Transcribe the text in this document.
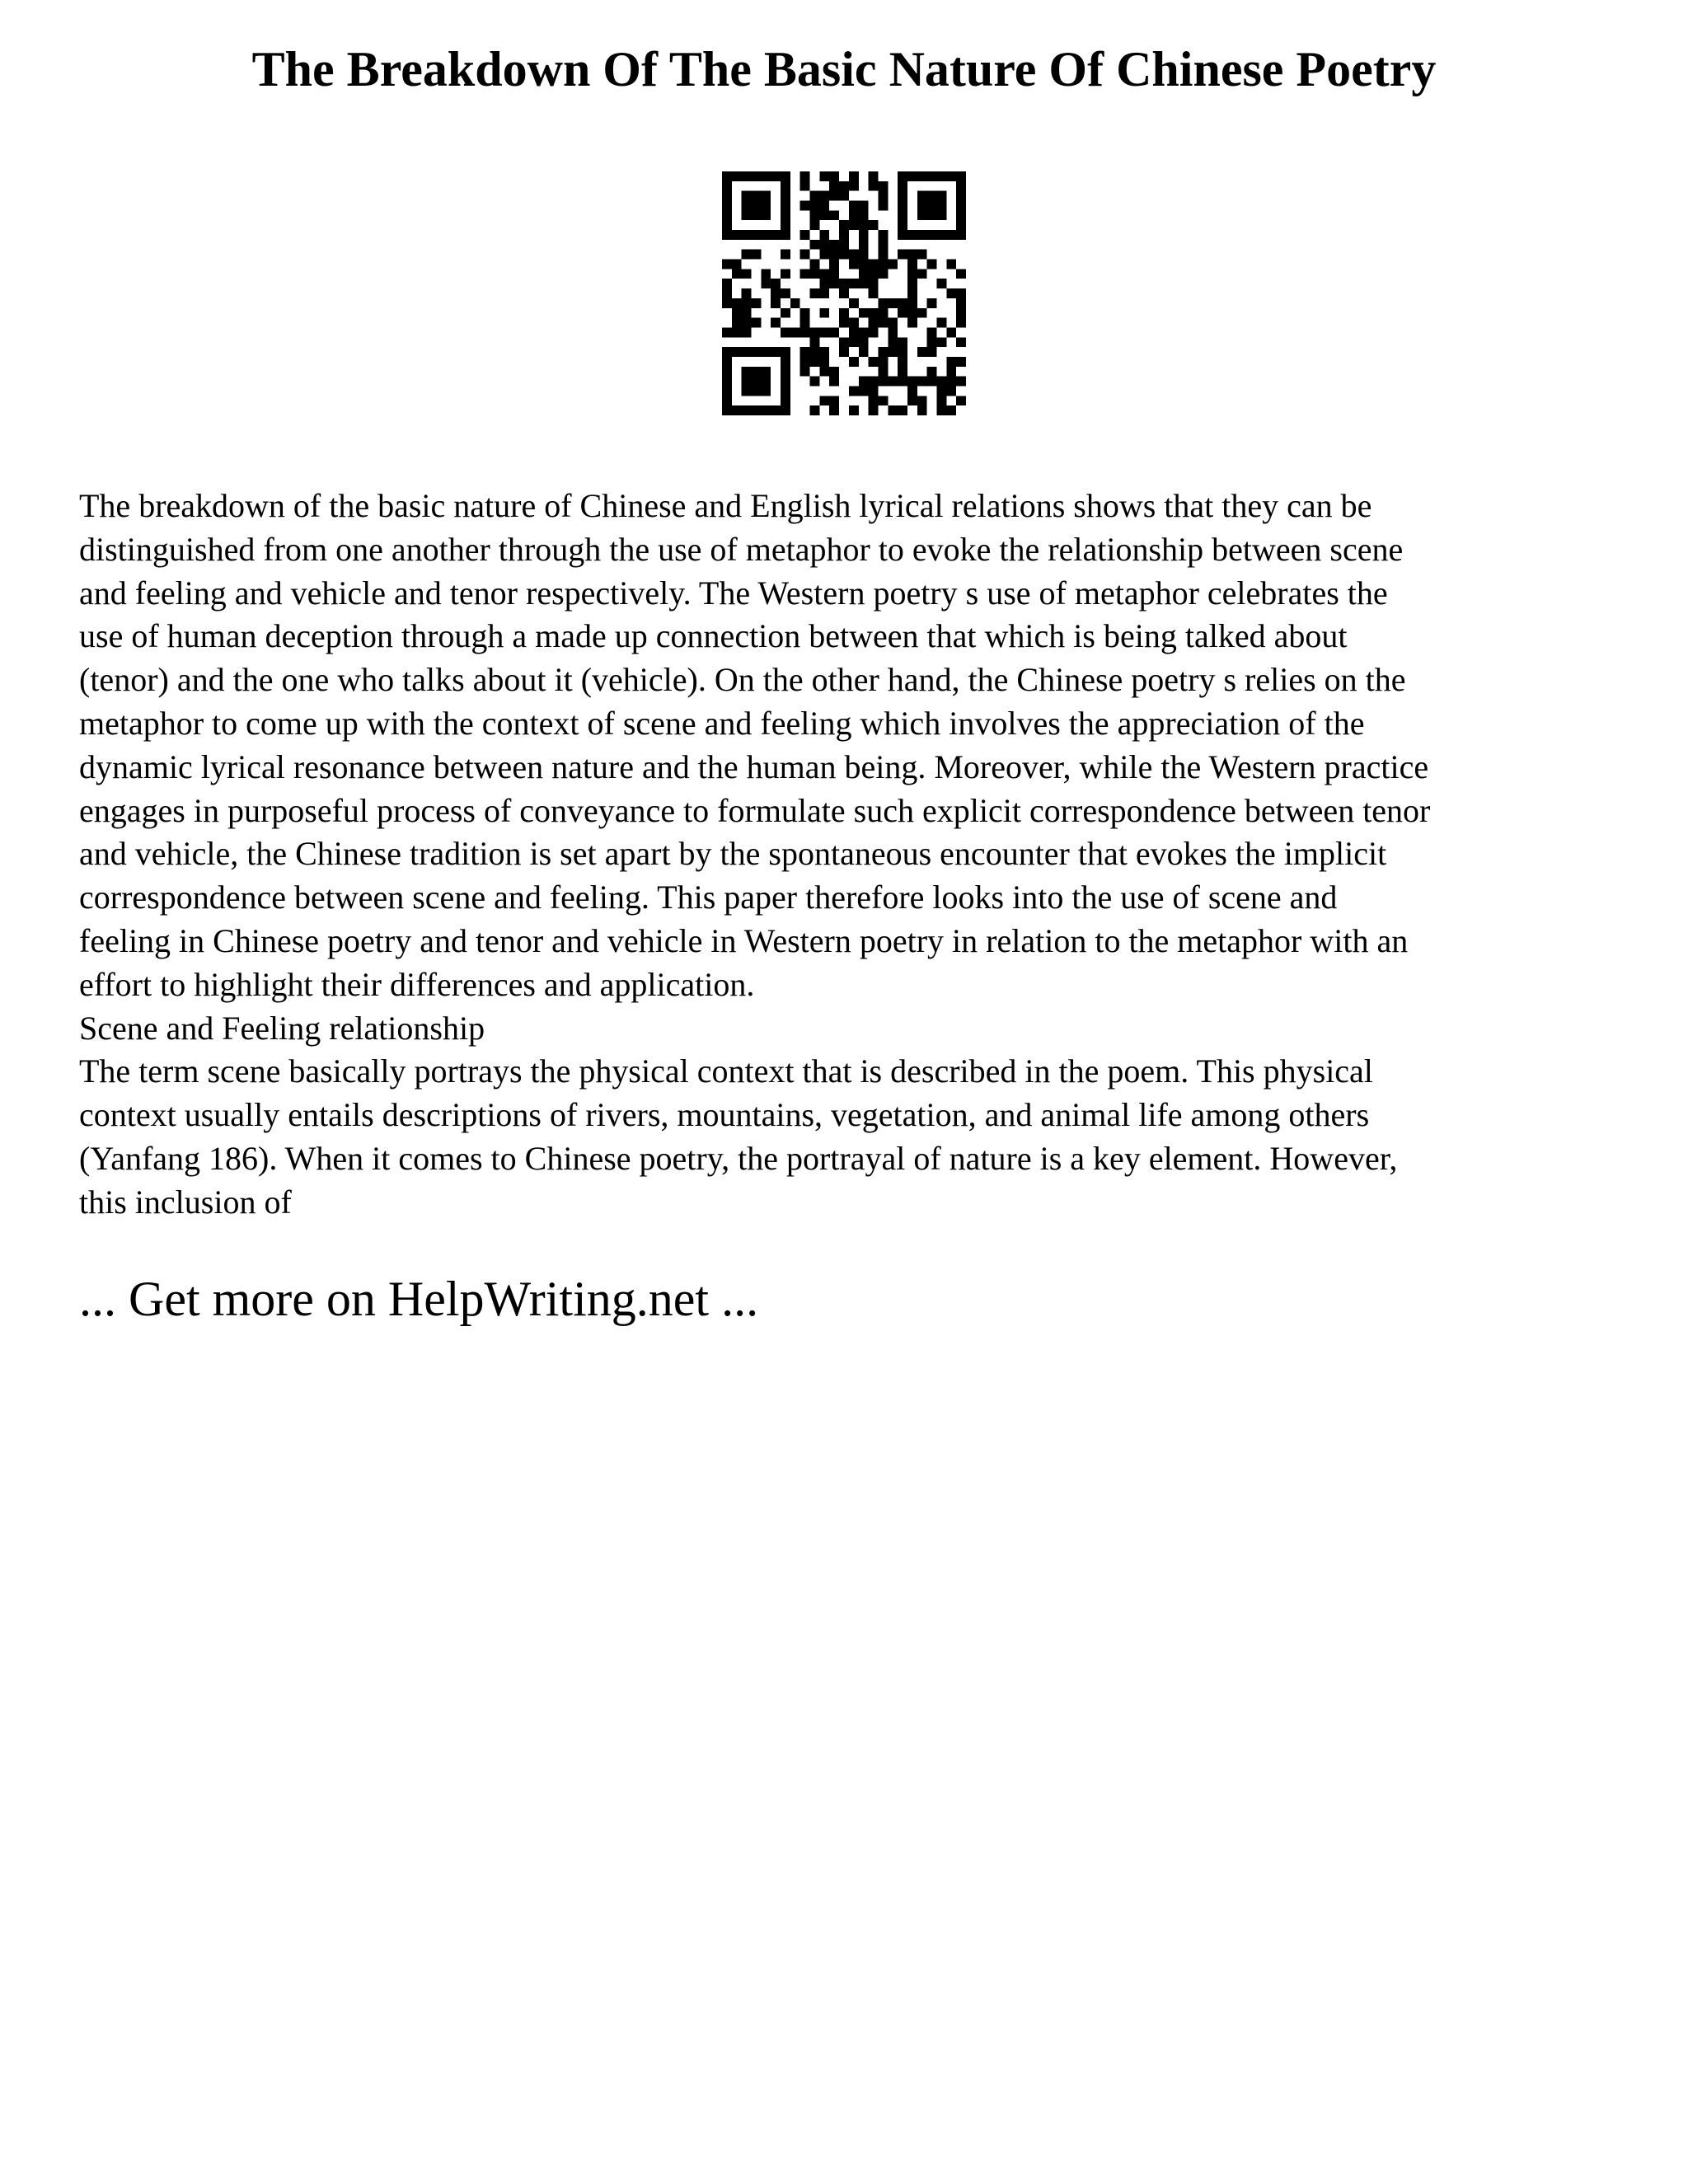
The Breakdown Of The Basic Nature Of Chinese Poetry
The breakdown of the basic nature of Chinese and English lyrical relations shows that they can be
distinguished from one another through the use of metaphor to evoke the relationship between scene
and feeling and vehicle and tenor respectively. The Western poetry s use of metaphor celebrates the
use of human deception through a made up connection between that which is being talked about
(tenor) and the one who talks about it (vehicle). On the other hand, the Chinese poetry s relies on the
metaphor to come up with the context of scene and feeling which involves the appreciation of the
dynamic lyrical resonance between nature and the human being. Moreover, while the Western practice
engages in purposeful process of conveyance to formulate such explicit correspondence between tenor
and vehicle, the Chinese tradition is set apart by the spontaneous encounter that evokes the implicit
correspondence between scene and feeling. This paper therefore looks into the use of scene and
feeling in Chinese poetry and tenor and vehicle in Western poetry in relation to the metaphor with an
effort to highlight their differences and application.
Scene and Feeling relationship
The term scene basically portrays the physical context that is described in the poem. This physical
context usually entails descriptions of rivers, mountains, vegetation, and animal life among others
(Yanfang 186). When it comes to Chinese poetry, the portrayal of nature is a key element. However,
this inclusion of
... Get more on HelpWriting.net ...
